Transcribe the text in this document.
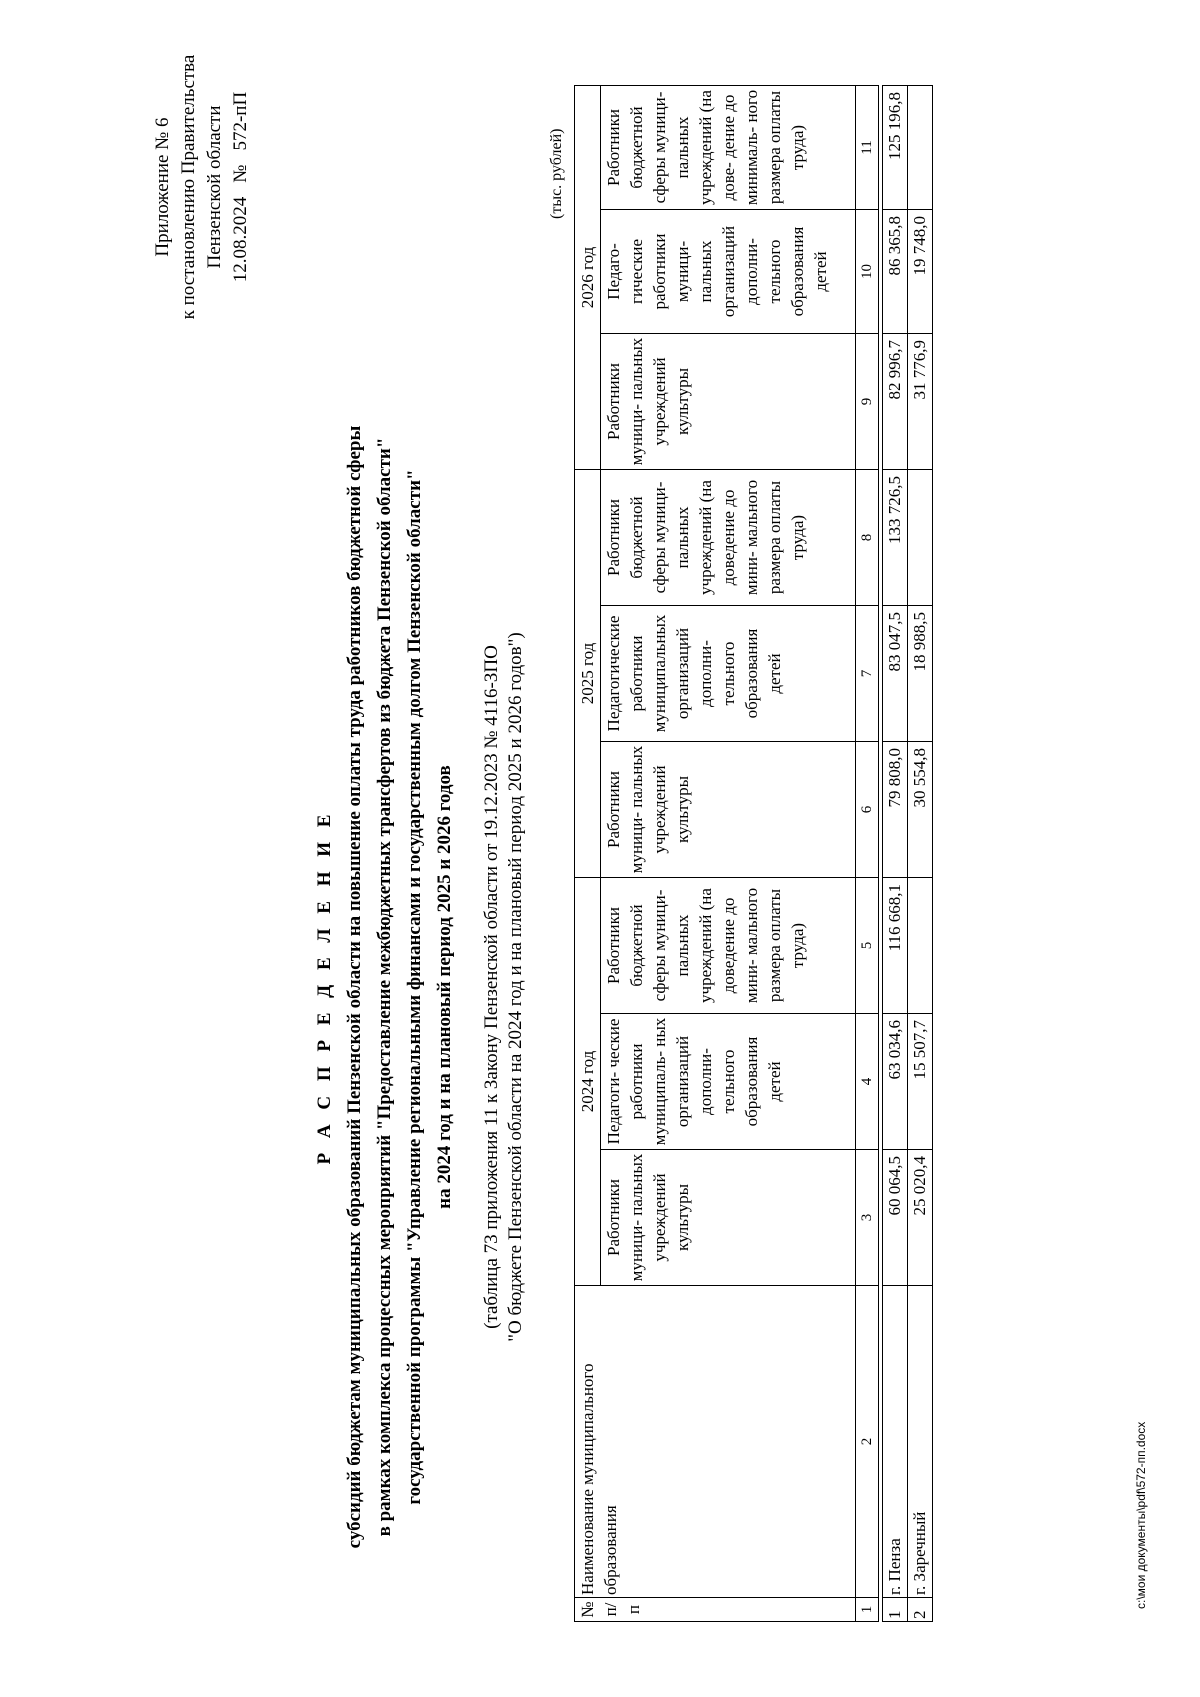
Приложение № 6 к постановлению Правительства Пензенской области 12.08.2024№572-пП
Р А С П Р Е Д Е Л Е Н И Е субсидий бюджетам муниципальных образований Пензенской области на повышение оплаты труда работников бюджетной сферы в рамках комплекса процессных мероприятий "Предоставление межбюджетных трансфертов из бюджета Пензенской области" государственной программы "Управление региональными финансами и государственным долгом Пензенской области" на 2024 год и на плановый период 2025 и 2026 годов (таблица 73 приложения 11 к Закону Пензенской области от 19.12.2023 № 4116-ЗПО "О бюджете Пензенской области на 2024 год и на плановый период 2025 и 2026 годов")
(тыс. рублей)
№ п/п	Наименование муниципального образования	2024 год			2025 год			2026 год		
		Работники муници- пальных учреждений культуры	Педагоги- ческие работники муниципаль- ных организаций дополни- тельного образования детей	Работники бюджетной сферы муници- пальных учреждений (на доведение до мини- мального размера оплаты труда)	Работники муници- пальных учреждений культуры	Педагогические работники муниципальных организаций дополни- тельного образования детей	Работники бюджетной сферы муници- пальных учреждений (на доведение до мини- мального размера оплаты труда)	Работники муници- пальных учреждений культуры	Педаго- гические работники муници- пальных организаций дополни- тельного образования детей	Работники бюджетной сферы муници- пальных учреждений (на дове- дение до минималь- ного размера оплаты труда)
1	2	3	4	5	6	7	8	9	10	11

1	г. Пенза	60 064,5	63 034,6	116 668,1	79 808,0	83 047,5	133 726,5	82 996,7	86 365,8	125 196,8
2	г. Заречный	25 020,4	15 507,7		30 554,8	18 988,5		31 776,9	19 748,0	
c:\мои документы\pdf\572-пп.docx
